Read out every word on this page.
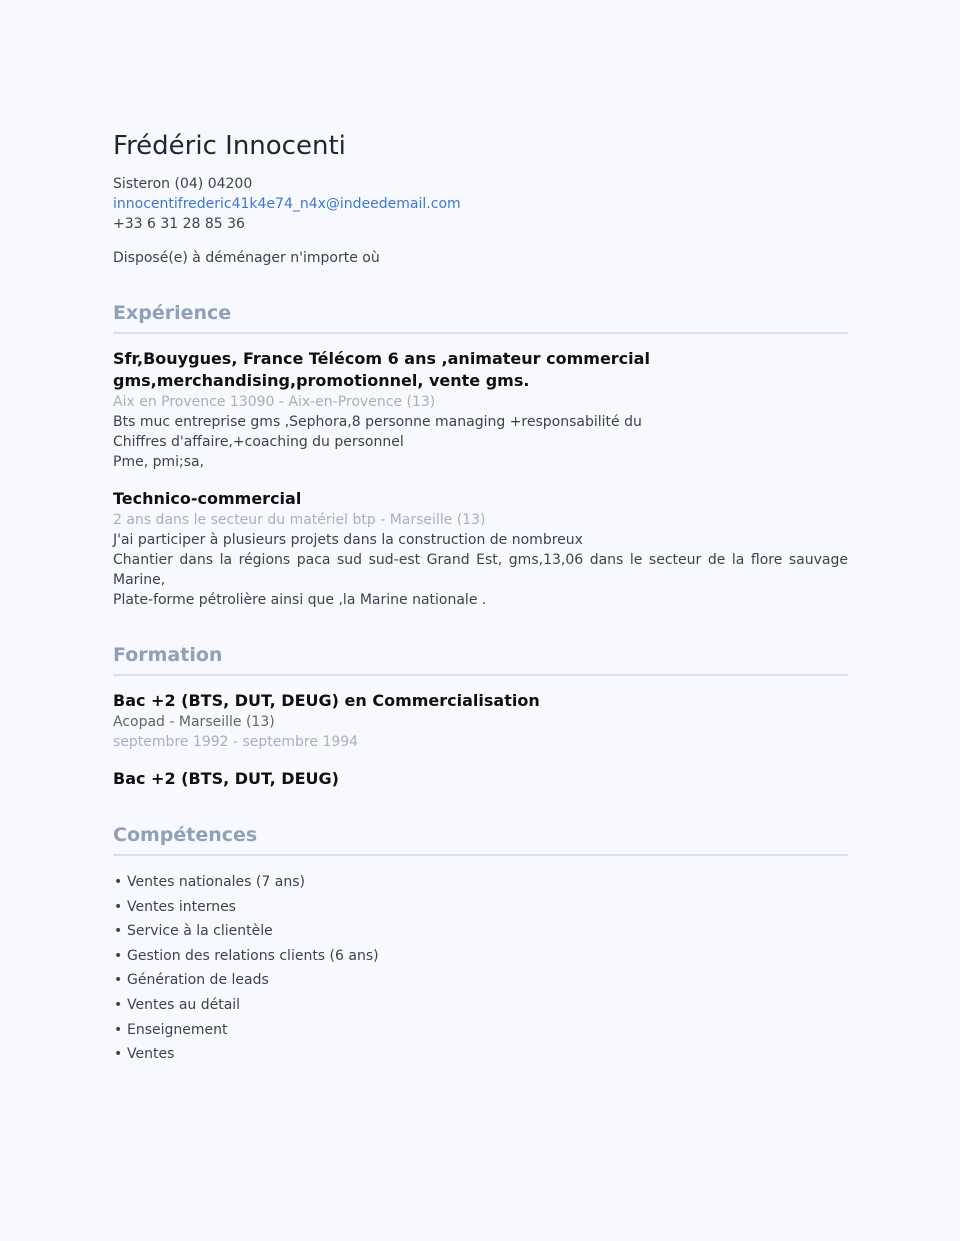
Frédéric Innocenti
Sisteron (04) 04200
innocentifrederic41k4e74_n4x@indeedemail.com
+33 6 31 28 85 36
Disposé(e) à déménager n'importe où
Expérience
Sfr,Bouygues, France Télécom 6 ans ,animateur commercial
gms,merchandising,promotionnel, vente gms.
Aix en Provence 13090 - Aix-en-Provence (13)
Bts muc entreprise gms ,Sephora,8 personne managing +responsabilité du
Chiffres d'affaire,+coaching du personnel
Pme, pmi;sa,
Technico-commercial
2 ans dans le secteur du matériel btp - Marseille (13)
J'ai participer à plusieurs projets dans la construction de nombreux
Chantier dans la régions paca sud sud-est Grand Est, gms,13,06 dans le secteur de la flore sauvage Marine,
Plate-forme pétrolière ainsi que ,la Marine nationale .
Formation
Bac +2 (BTS, DUT, DEUG) en Commercialisation
Acopad - Marseille (13)
septembre 1992 - septembre 1994
Bac +2 (BTS, DUT, DEUG)
Compétences
• Ventes nationales (7 ans)
• Ventes internes
• Service à la clientèle
• Gestion des relations clients (6 ans)
• Génération de leads
• Ventes au détail
• Enseignement
• Ventes
